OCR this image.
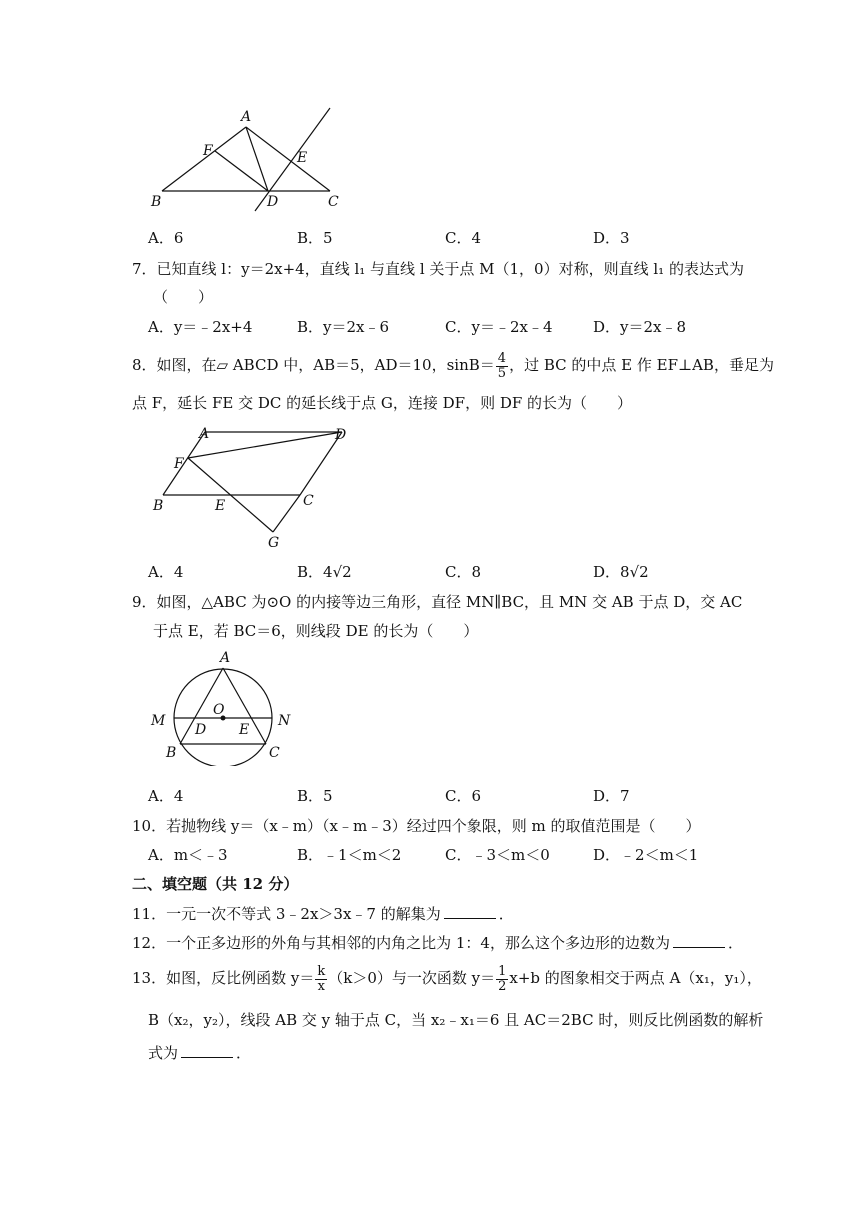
A
F	E
B	D	C
A．6	B．5	C．4	D．3
7．已知直线 l：y＝2x+4，直线 l₁ 与直线 l 关于点 M（1，0）对称，则直线 l₁ 的表达式为
（　　）
A．y＝﹣2x+4	B．y＝2x﹣6	C．y＝﹣2x﹣4	D．y＝2x﹣8
8．如图，在▱ ABCD 中，AB＝5，AD＝10，$\sin B= \frac{4}{5}$ ，过 BC 的中点 E 作 EF⊥AB，垂足为
点 F，延长 FE 交 DC 的延长线于点 G，连接 DF，则 DF 的长为（　　）
A	D
F
B	E	C
G
A．4	B．4√2	C．8	D．8√2
9．如图，△ABC 为⊙O 的内接等边三角形，直径 MN∥BC，且 MN 交 AB 于点 D，交 AC
于点 E，若 BC＝6，则线段 DE 的长为（　　）
A
O
M	N
D E
B	C
A．4	B．5	C．6	D．7
10．若抛物线 y＝（x﹣m）（x﹣m﹣3）经过四个象限，则 m 的取值范围是（　　）
A．m＜﹣3	B．﹣1＜m＜2	C．﹣3＜m＜0	D．﹣2＜m＜1
二、填空题（共 12 分）
11．一元一次不等式 3﹣2x＞3x﹣7 的解集为	．
12．一个正多边形的外角与其相邻的内角之比为 1：4，那么这个多边形的边数为	．
13．如图，反比例函数 $y= \frac{k}{x} (k>0)$与一次函数 $y= \frac{1}{2} x+b$ 的图象相交于两点 A（x₁，y₁），
B（x₂，y₂），线段 AB 交 y 轴于点 C，当 x₂﹣x₁＝6 且 AC＝2BC 时，则反比例函数的解析
式为	．
